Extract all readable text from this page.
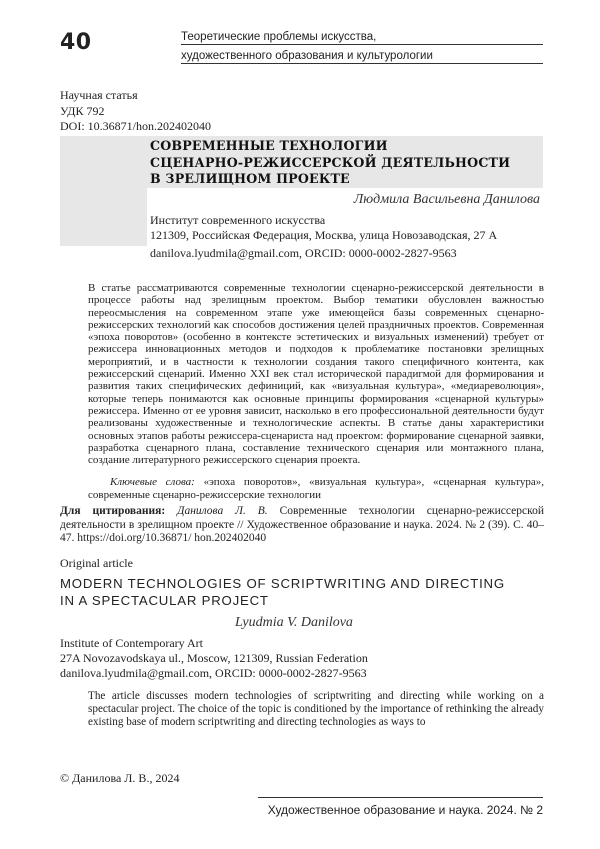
40	Теоретические проблемы искусства,
художественного образования и культурологии
Научная статья
УДК 792
DOI: 10.36871/hon.202402040
СОВРЕМЕННЫЕ ТЕХНОЛОГИИ
СЦЕНАРНО-РЕЖИССЕРСКОЙ ДЕЯТЕЛЬНОСТИ
В ЗРЕЛИЩНОМ ПРОЕКТЕ
Людмила Васильевна Данилова
Институт современного искусства
121309, Российская Федерация, Москва, улица Новозаводская, 27 А
danilova.lyudmila@gmail.com, ORCID: 0000-0002-2827-9563
В статье рассматриваются современные технологии сценарно-режиссерской деятельности в процессе работы над зрелищным проектом. Выбор тематики обусловлен важностью переосмысления на современном этапе уже имеющейся базы современных сценарно-режиссерских технологий как способов достижения целей праздничных проектов. Современная «эпоха поворотов» (особенно в контексте эстетических и визуальных изменений) требует от режиссера инновационных методов и подходов к проблематике постановки зрелищных мероприятий, и в частности к технологии создания такого специфичного контента, как режиссерский сценарий. Именно XXI век стал исторической парадигмой для формирования и развития таких специфических дефиниций, как «визуальная культура», «медиареволюция», которые теперь понимаются как основные принципы формирования «сценарной культуры» режиссера. Именно от ее уровня зависит, насколько в его профессиональной деятельности будут реализованы художественные и технологические аспекты. В статье даны характеристики основных этапов работы режиссера-сценариста над проектом: формирование сценарной заявки, разработка сценарного плана, составление технического сценария или монтажного плана, создание литературного режиссерского сценария проекта.
Ключевые слова: «эпоха поворотов», «визуальная культура», «сценарная культура», современные сценарно-режиссерские технологии
Для цитирования: Данилова Л. В. Современные технологии сценарно-режиссерской деятельности в зрелищном проекте // Художественное образование и наука. 2024. № 2 (39). С. 40–47. https://doi.org/10.36871/ hon.202402040
Original article
MODERN TECHNOLOGIES OF SCRIPTWRITING AND DIRECTING
IN A SPECTACULAR PROJECT
Lyudmia V. Danilova
Institute of Contemporary Art
27A Novozavodskaya ul., Moscow, 121309, Russian Federation
danilova.lyudmila@gmail.com, ORCID: 0000-0002-2827-9563
The article discusses modern technologies of scriptwriting and directing while working on a spectacular project. The choice of the topic is conditioned by the importance of rethinking the already existing base of modern scriptwriting and directing technologies as ways to
© Данилова Л. В., 2024
Художественное образование и наука. 2024. № 2
